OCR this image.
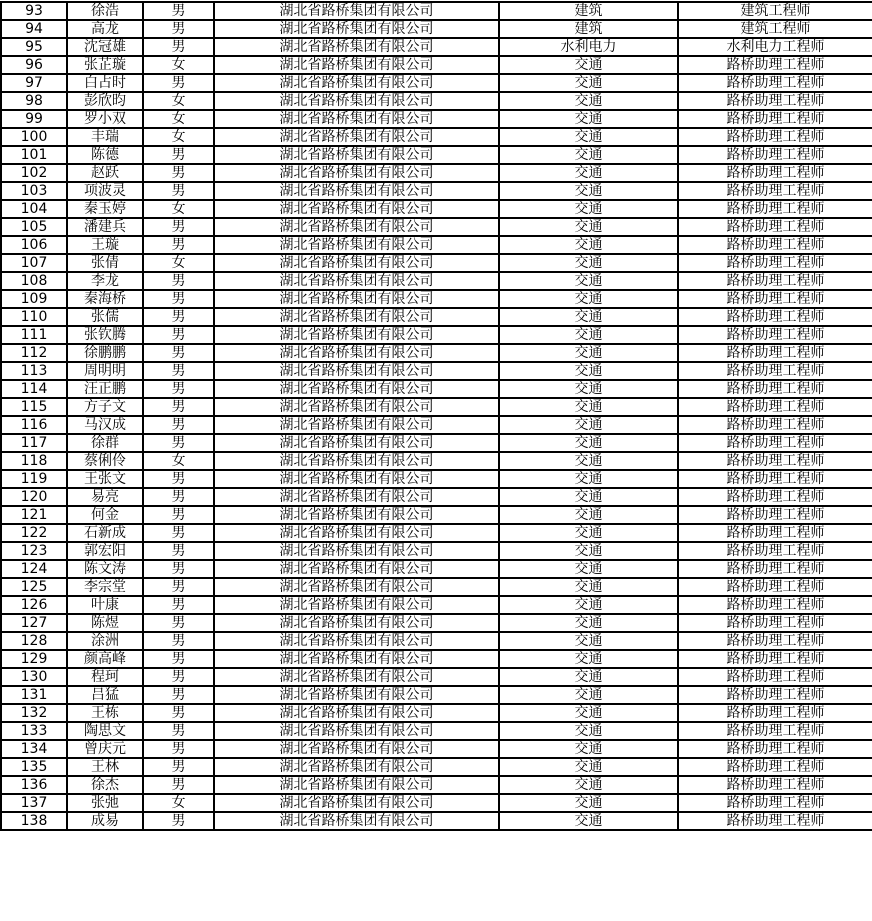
93	徐浩	男	湖北省路桥集团有限公司	建筑	建筑工程师
94	高龙	男	湖北省路桥集团有限公司	建筑	建筑工程师
95	沈冠雄	男	湖北省路桥集团有限公司	水利电力	水利电力工程师
96	张芷璇	女	湖北省路桥集团有限公司	交通	路桥助理工程师
97	白占时	男	湖北省路桥集团有限公司	交通	路桥助理工程师
98	彭欣昀	女	湖北省路桥集团有限公司	交通	路桥助理工程师
99	罗小双	女	湖北省路桥集团有限公司	交通	路桥助理工程师
100	丰瑞	女	湖北省路桥集团有限公司	交通	路桥助理工程师
101	陈德	男	湖北省路桥集团有限公司	交通	路桥助理工程师
102	赵跃	男	湖北省路桥集团有限公司	交通	路桥助理工程师
103	项波灵	男	湖北省路桥集团有限公司	交通	路桥助理工程师
104	秦玉婷	女	湖北省路桥集团有限公司	交通	路桥助理工程师
105	潘建兵	男	湖北省路桥集团有限公司	交通	路桥助理工程师
106	王璇	男	湖北省路桥集团有限公司	交通	路桥助理工程师
107	张倩	女	湖北省路桥集团有限公司	交通	路桥助理工程师
108	李龙	男	湖北省路桥集团有限公司	交通	路桥助理工程师
109	秦海桥	男	湖北省路桥集团有限公司	交通	路桥助理工程师
110	张儒	男	湖北省路桥集团有限公司	交通	路桥助理工程师
111	张钦腾	男	湖北省路桥集团有限公司	交通	路桥助理工程师
112	徐鹏鹏	男	湖北省路桥集团有限公司	交通	路桥助理工程师
113	周明明	男	湖北省路桥集团有限公司	交通	路桥助理工程师
114	汪正鹏	男	湖北省路桥集团有限公司	交通	路桥助理工程师
115	方子文	男	湖北省路桥集团有限公司	交通	路桥助理工程师
116	马汉成	男	湖北省路桥集团有限公司	交通	路桥助理工程师
117	徐群	男	湖北省路桥集团有限公司	交通	路桥助理工程师
118	蔡俐伶	女	湖北省路桥集团有限公司	交通	路桥助理工程师
119	王张文	男	湖北省路桥集团有限公司	交通	路桥助理工程师
120	易亮	男	湖北省路桥集团有限公司	交通	路桥助理工程师
121	何金	男	湖北省路桥集团有限公司	交通	路桥助理工程师
122	石新成	男	湖北省路桥集团有限公司	交通	路桥助理工程师
123	郭宏阳	男	湖北省路桥集团有限公司	交通	路桥助理工程师
124	陈文涛	男	湖北省路桥集团有限公司	交通	路桥助理工程师
125	李宗堂	男	湖北省路桥集团有限公司	交通	路桥助理工程师
126	叶康	男	湖北省路桥集团有限公司	交通	路桥助理工程师
127	陈煜	男	湖北省路桥集团有限公司	交通	路桥助理工程师
128	涂洲	男	湖北省路桥集团有限公司	交通	路桥助理工程师
129	颜高峰	男	湖北省路桥集团有限公司	交通	路桥助理工程师
130	程珂	男	湖北省路桥集团有限公司	交通	路桥助理工程师
131	吕猛	男	湖北省路桥集团有限公司	交通	路桥助理工程师
132	王栋	男	湖北省路桥集团有限公司	交通	路桥助理工程师
133	陶思文	男	湖北省路桥集团有限公司	交通	路桥助理工程师
134	曾庆元	男	湖北省路桥集团有限公司	交通	路桥助理工程师
135	王林	男	湖北省路桥集团有限公司	交通	路桥助理工程师
136	徐杰	男	湖北省路桥集团有限公司	交通	路桥助理工程师
137	张弛	女	湖北省路桥集团有限公司	交通	路桥助理工程师
138	成易	男	湖北省路桥集团有限公司	交通	路桥助理工程师
